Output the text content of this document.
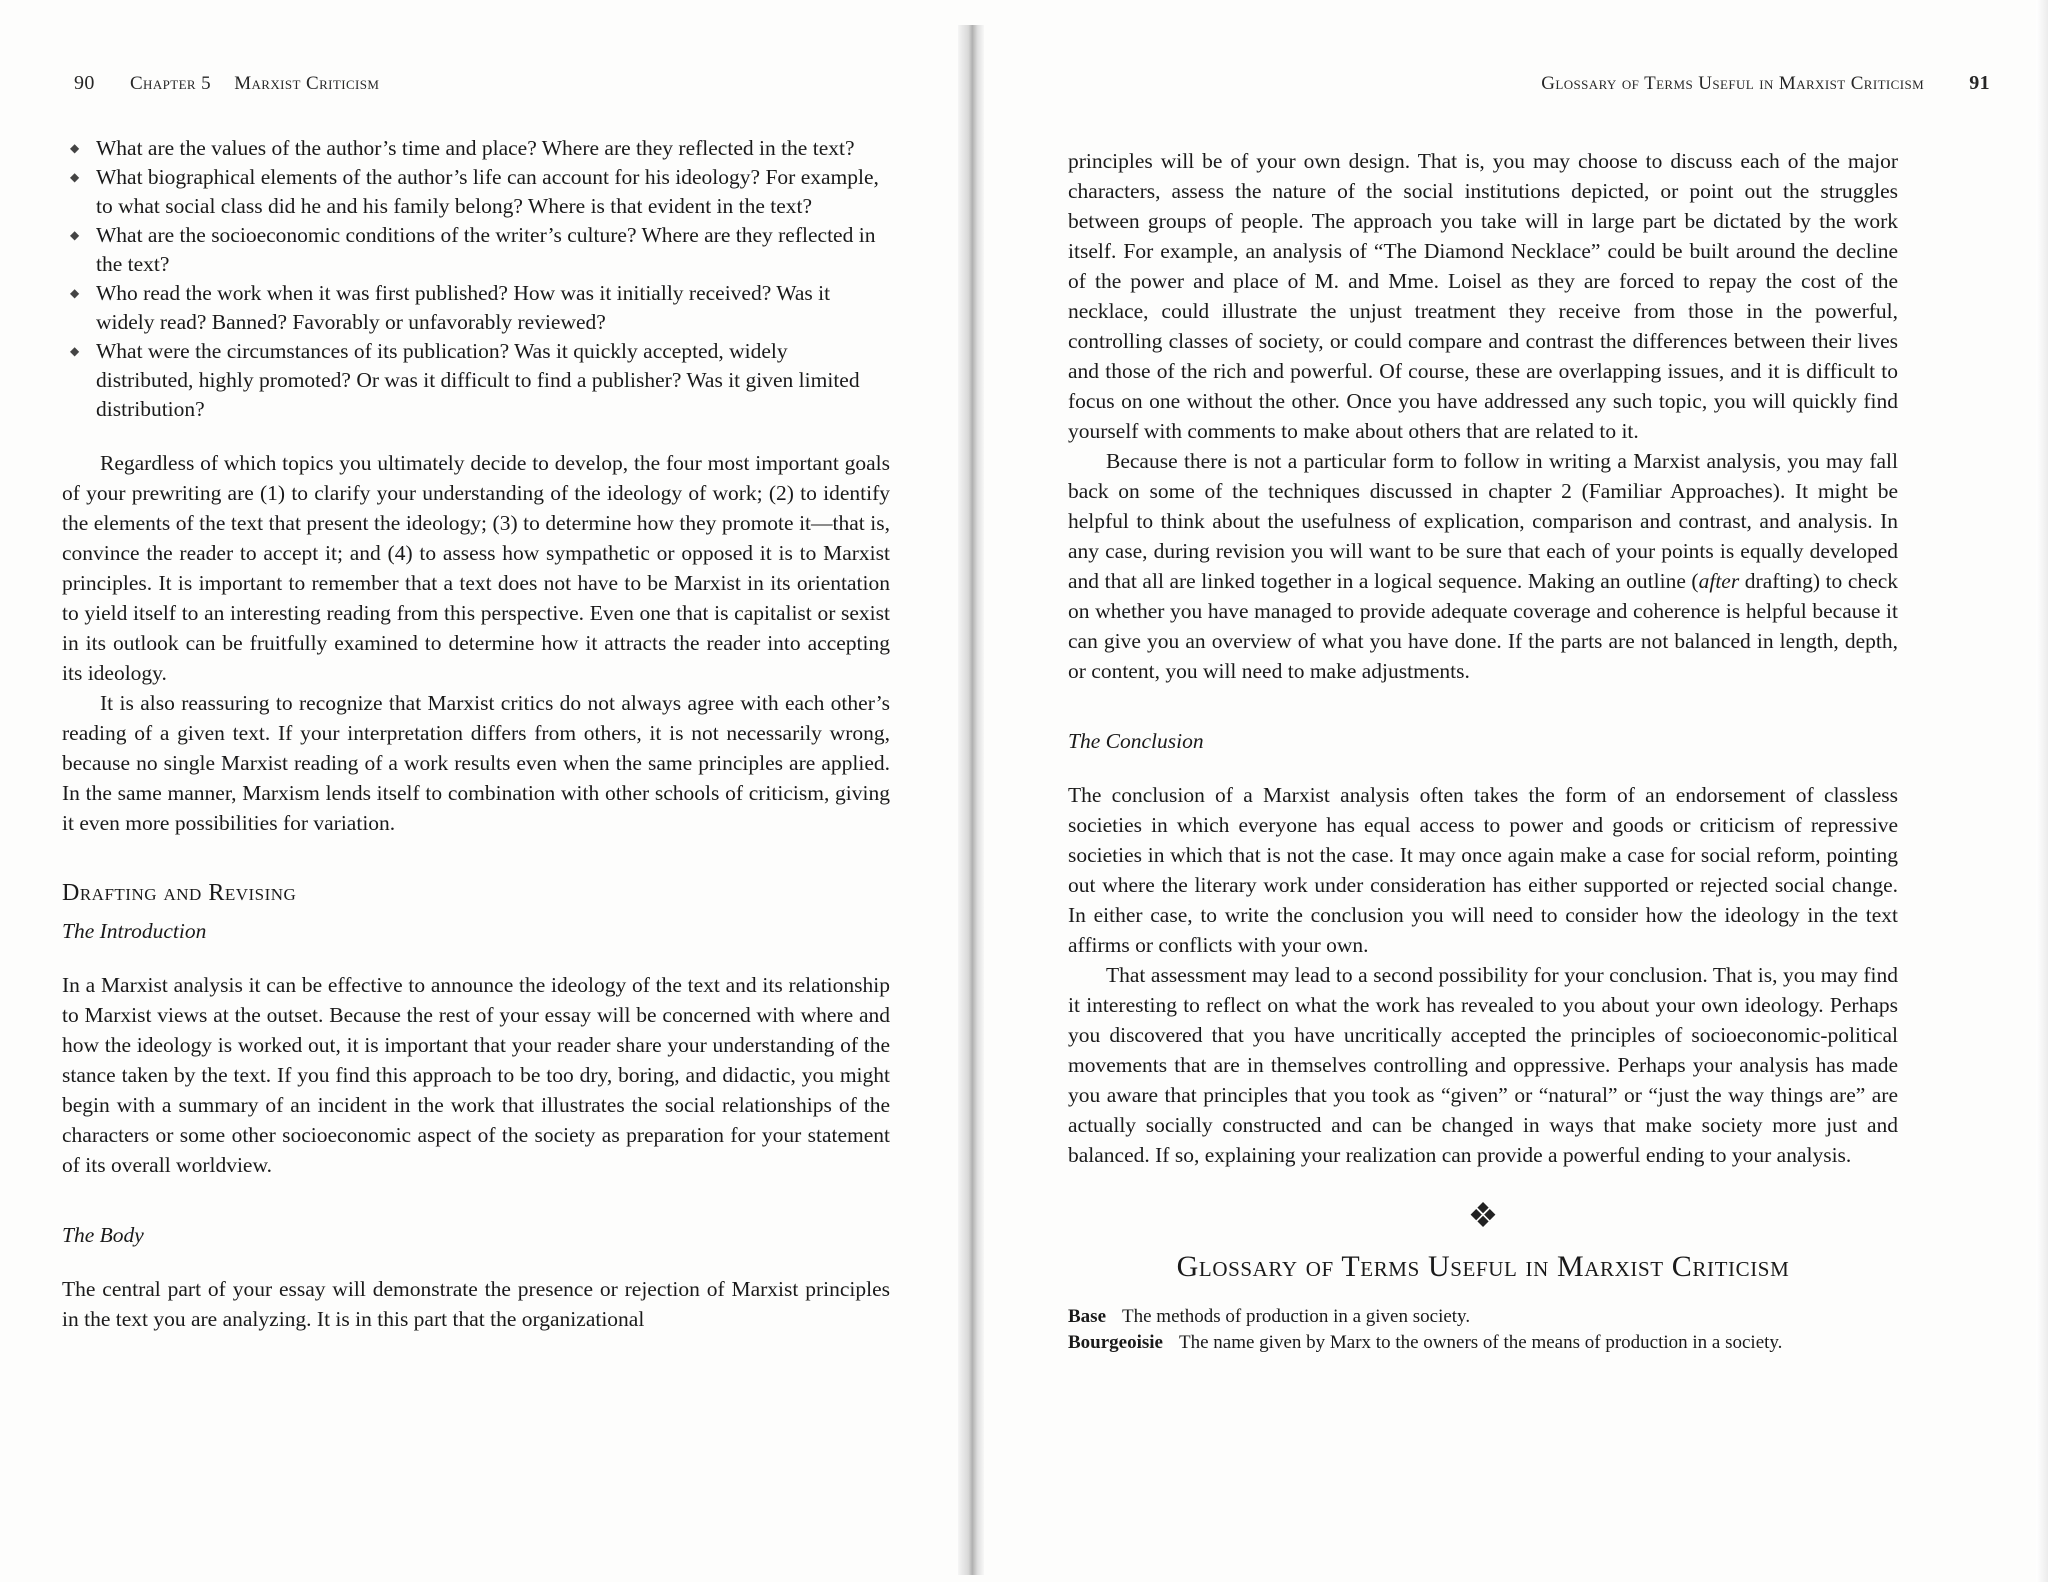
90 Chapter 5 Marxist Criticism
◆ What are the values of the author’s time and place? Where are they reflected in the text?
◆ What biographical elements of the author’s life can account for his ideology? For example, to what social class did he and his family belong? Where is that evident in the text?
◆ What are the socioeconomic conditions of the writer’s culture? Where are they reflected in the text?
◆ Who read the work when it was first published? How was it initially received? Was it widely read? Banned? Favorably or unfavorably reviewed?
◆ What were the circumstances of its publication? Was it quickly accepted, widely distributed, highly promoted? Or was it difficult to find a publisher? Was it given limited distribution?

Regardless of which topics you ultimately decide to develop, the four most important goals of your prewriting are (1) to clarify your understanding of the ideology of work; (2) to identify the elements of the text that present the ideology; (3) to determine how they promote it—that is, convince the reader to accept it; and (4) to assess how sympathetic or opposed it is to Marxist principles. It is important to remember that a text does not have to be Marxist in its orientation to yield itself to an interesting reading from this perspective. Even one that is capitalist or sexist in its outlook can be fruitfully examined to determine how it attracts the reader into accepting its ideology.

It is also reassuring to recognize that Marxist critics do not always agree with each other’s reading of a given text. If your interpretation differs from others, it is not necessarily wrong, because no single Marxist reading of a work results even when the same principles are applied. In the same manner, Marxism lends itself to combination with other schools of criticism, giving it even more possibilities for variation.

Drafting and Revising
The Introduction

In a Marxist analysis it can be effective to announce the ideology of the text and its relationship to Marxist views at the outset. Because the rest of your essay will be concerned with where and how the ideology is worked out, it is important that your reader share your understanding of the stance taken by the text. If you find this approach to be too dry, boring, and didactic, you might begin with a summary of an incident in the work that illustrates the social relationships of the characters or some other socioeconomic aspect of the society as preparation for your statement of its overall worldview.

The Body

The central part of your essay will demonstrate the presence or rejection of Marxist principles in the text you are analyzing. It is in this part that the organizational

Glossary of Terms Useful in Marxist Criticism 91

principles will be of your own design. That is, you may choose to discuss each of the major characters, assess the nature of the social institutions depicted, or point out the struggles between groups of people. The approach you take will in large part be dictated by the work itself. For example, an analysis of “The Diamond Necklace” could be built around the decline of the power and place of M. and Mme. Loisel as they are forced to repay the cost of the necklace, could illustrate the unjust treatment they receive from those in the powerful, controlling classes of society, or could compare and contrast the differences between their lives and those of the rich and powerful. Of course, these are overlapping issues, and it is difficult to focus on one without the other. Once you have addressed any such topic, you will quickly find yourself with comments to make about others that are related to it.

Because there is not a particular form to follow in writing a Marxist analysis, you may fall back on some of the techniques discussed in chapter 2 (Familiar Approaches). It might be helpful to think about the usefulness of explication, comparison and contrast, and analysis. In any case, during revision you will want to be sure that each of your points is equally developed and that all are linked together in a logical sequence. Making an outline (after drafting) to check on whether you have managed to provide adequate coverage and coherence is helpful because it can give you an overview of what you have done. If the parts are not balanced in length, depth, or content, you will need to make adjustments.

The Conclusion

The conclusion of a Marxist analysis often takes the form of an endorsement of classless societies in which everyone has equal access to power and goods or criticism of repressive societies in which that is not the case. It may once again make a case for social reform, pointing out where the literary work under consideration has either supported or rejected social change. In either case, to write the conclusion you will need to consider how the ideology in the text affirms or conflicts with your own.

That assessment may lead to a second possibility for your conclusion. That is, you may find it interesting to reflect on what the work has revealed to you about your own ideology. Perhaps you discovered that you have uncritically accepted the principles of socioeconomic-political movements that are in themselves controlling and oppressive. Perhaps your analysis has made you aware that principles that you took as “given” or “natural” or “just the way things are” are actually socially constructed and can be changed in ways that make society more just and balanced. If so, explaining your realization can provide a powerful ending to your analysis.

❖
Glossary of Terms Useful in Marxist Criticism
Base The methods of production in a given society.
Bourgeoisie The name given by Marx to the owners of the means of production in a society.
